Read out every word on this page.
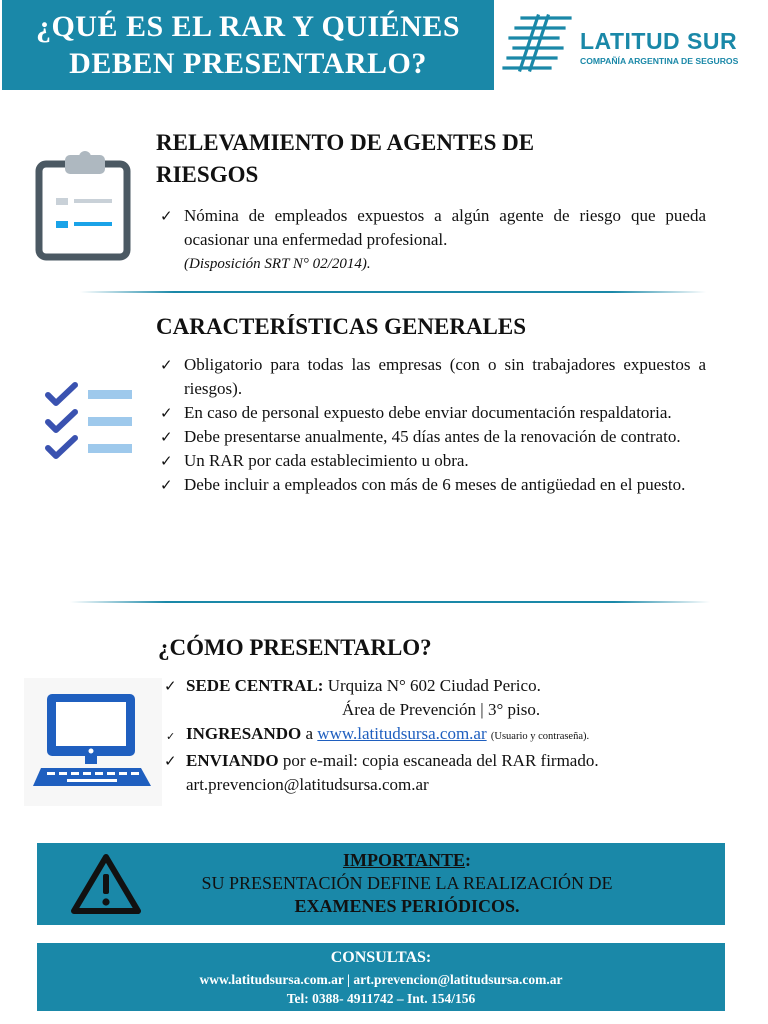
¿QUÉ ES EL RAR Y QUIÉNES
DEBEN PRESENTARLO?
LATITUD SUR
COMPAÑÍA ARGENTINA DE SEGUROS
RELEVAMIENTO DE AGENTES DE
RIESGOS
✓ Nómina de empleados expuestos a algún agente de riesgo que pueda ocasionar una enfermedad profesional.
(Disposición SRT N° 02/2014).
CARACTERÍSTICAS GENERALES
✓ Obligatorio para todas las empresas (con o sin trabajadores expuestos a riesgos).
✓ En caso de personal expuesto debe enviar documentación respaldatoria.
✓ Debe presentarse anualmente, 45 días antes de la renovación de contrato.
✓ Un RAR por cada establecimiento u obra.
✓ Debe incluir a empleados con más de 6 meses de antigüedad en el puesto.
¿CÓMO PRESENTARLO?
✓ SEDE CENTRAL: Urquiza N° 602 Ciudad Perico.
Área de Prevención | 3° piso.
✓ INGRESANDO a www.latitudsursa.com.ar (Usuario y contraseña).
✓ ENVIANDO por e-mail: copia escaneada del RAR firmado.
art.prevencion@latitudsursa.com.ar
IMPORTANTE:
SU PRESENTACIÓN DEFINE LA REALIZACIÓN DE
EXAMENES PERIÓDICOS.
CONSULTAS:
www.latitudsursa.com.ar | art.prevencion@latitudsursa.com.ar
Tel: 0388- 4911742 – Int. 154/156
